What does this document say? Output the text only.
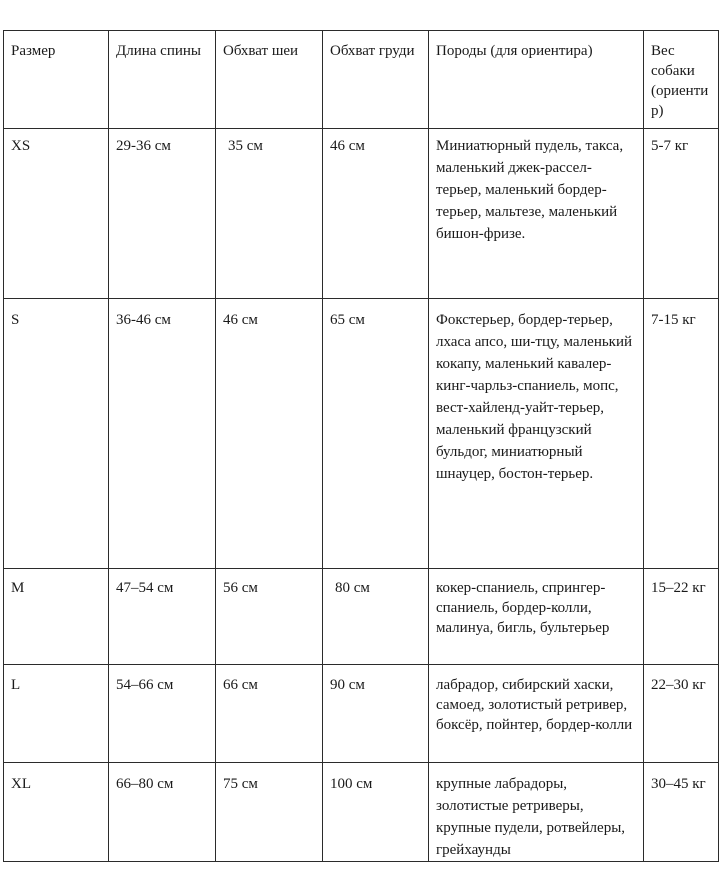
Размер	Длина спины	Обхват шеи	Обхват груди	Породы (для ориентира)	Вес собаки (ориентир)
XS	29-36 см	35 см	46 см	Миниатюрный пудель, такса, маленький джек-рассел-терьер, маленький бордер-терьер, мальтезе, маленький бишон-фризе.	5-7 кг
S	36-46 см	46 см	65 см	Фокстерьер, бордер-терьер, лхаса апсо, ши-тцу, маленький кокапу, маленький кавалер-кинг-чарльз-спаниель, мопс, вест-хайленд-уайт-терьер, маленький французский бульдог, миниатюрный шнауцер, бостон-терьер.	7-15 кг
M	47–54 см	56 см	80 см	кокер-спаниель, спрингер-спаниель, бордер-колли, малинуа, бигль, бультерьер	15–22 кг
L	54–66 см	66 см	90 см	лабрадор, сибирский хаски, самоед, золотистый ретривер, боксёр, пойнтер, бордер-колли	22–30 кг
XL	66–80 см	75 см	100 см	крупные лабрадоры, золотистые ретриверы, крупные пудели, ротвейлеры, грейхаунды	30–45 кг
